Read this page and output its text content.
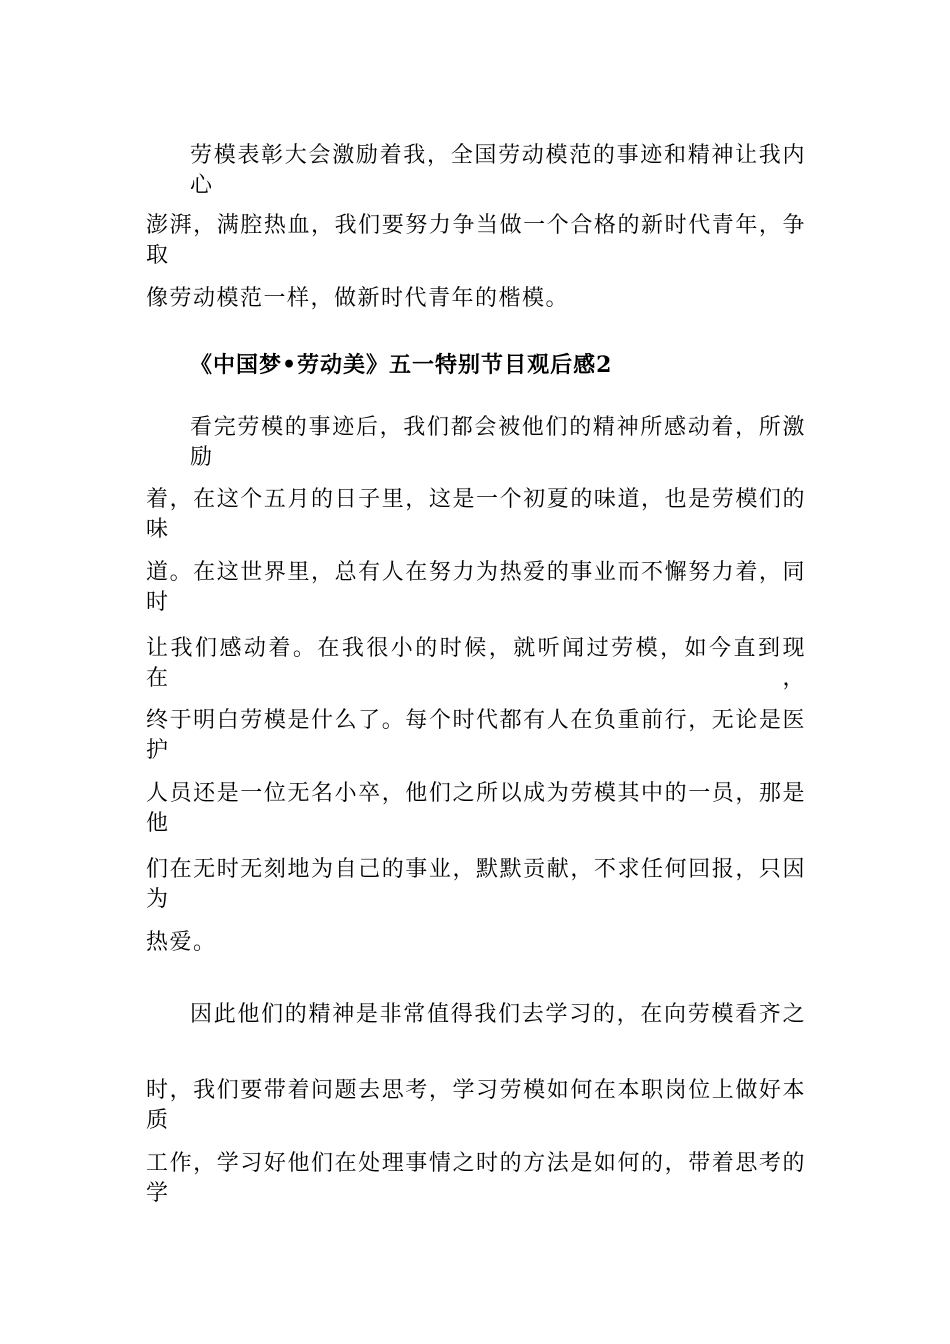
劳模表彰大会激励着我，全国劳动模范的事迹和精神让我内心
澎湃，满腔热血，我们要努力争当做一个合格的新时代青年，争取
像劳动模范一样，做新时代青年的楷模。
《中国梦•劳动美》五一特别节目观后感2
看完劳模的事迹后，我们都会被他们的精神所感动着，所激励
着，在这个五月的日子里，这是一个初夏的味道，也是劳模们的味
道。在这世界里，总有人在努力为热爱的事业而不懈努力着，同时
让我们感动着。在我很小的时候，就听闻过劳模，如今直到现在，
终于明白劳模是什么了。每个时代都有人在负重前行，无论是医护
人员还是一位无名小卒，他们之所以成为劳模其中的一员，那是他
们在无时无刻地为自己的事业，默默贡献，不求任何回报，只因为
热爱。
因此他们的精神是非常值得我们去学习的，在向劳模看齐之
时，我们要带着问题去思考，学习劳模如何在本职岗位上做好本质
工作，学习好他们在处理事情之时的方法是如何的，带着思考的学
